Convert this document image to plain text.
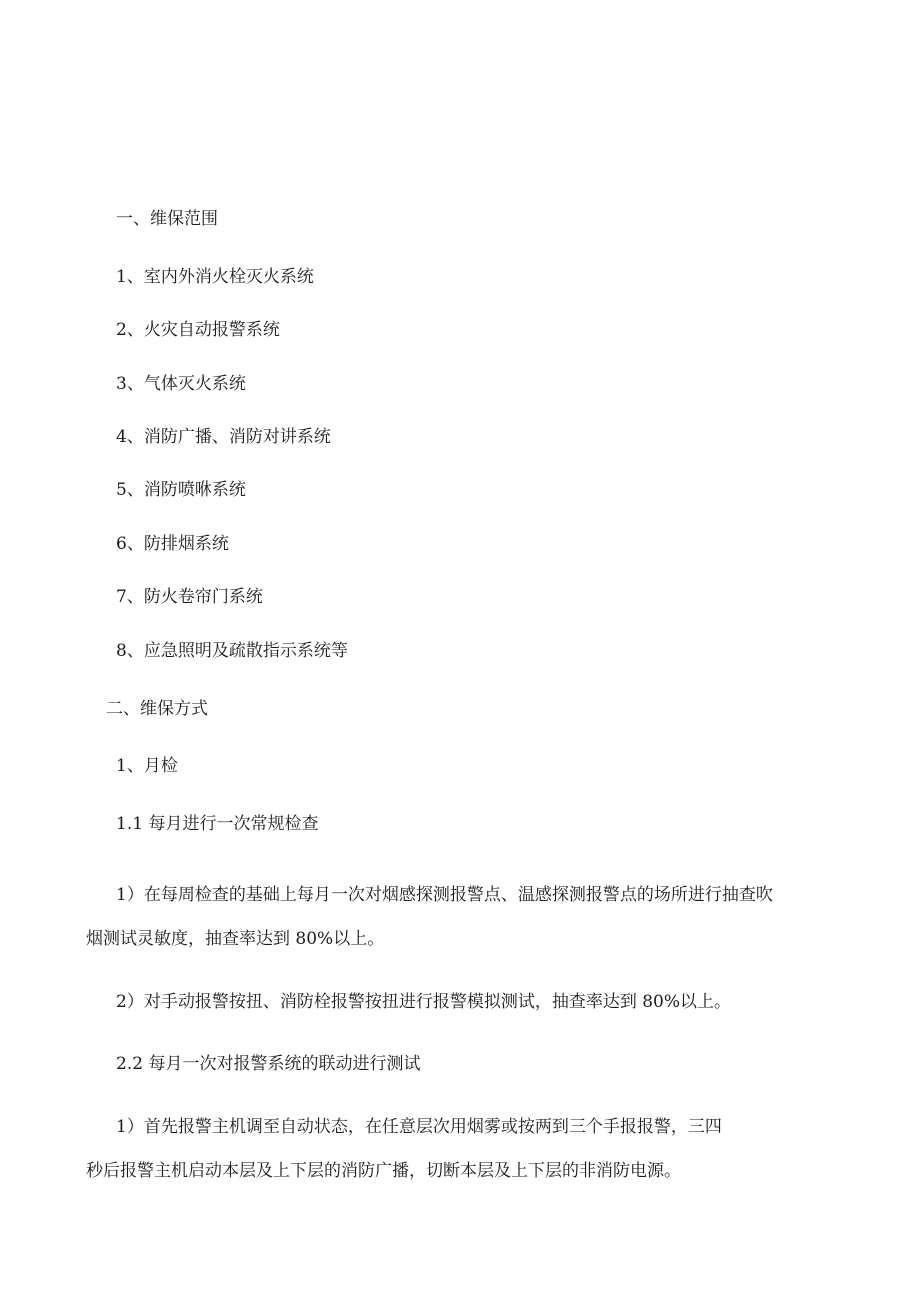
一、维保范围
1、室内外消火栓灭火系统
2、火灾自动报警系统
3、气体灭火系统
4、消防广播、消防对讲系统
5、消防喷咻系统
6、防排烟系统
7、防火卷帘门系统
8、应急照明及疏散指示系统等
二、维保方式
1、月检
1.1 每月进行一次常规检查
1）在每周检查的基础上每月一次对烟感探测报警点、温感探测报警点的场所进行抽查吹
烟测试灵敏度，抽查率达到 80%以上。
2）对手动报警按扭、消防栓报警按扭进行报警模拟测试，抽查率达到 80%以上。
2.2 每月一次对报警系统的联动进行测试
1）首先报警主机调至自动状态，在任意层次用烟雾或按两到三个手报报警，三四
秒后报警主机启动本层及上下层的消防广播，切断本层及上下层的非消防电源。
